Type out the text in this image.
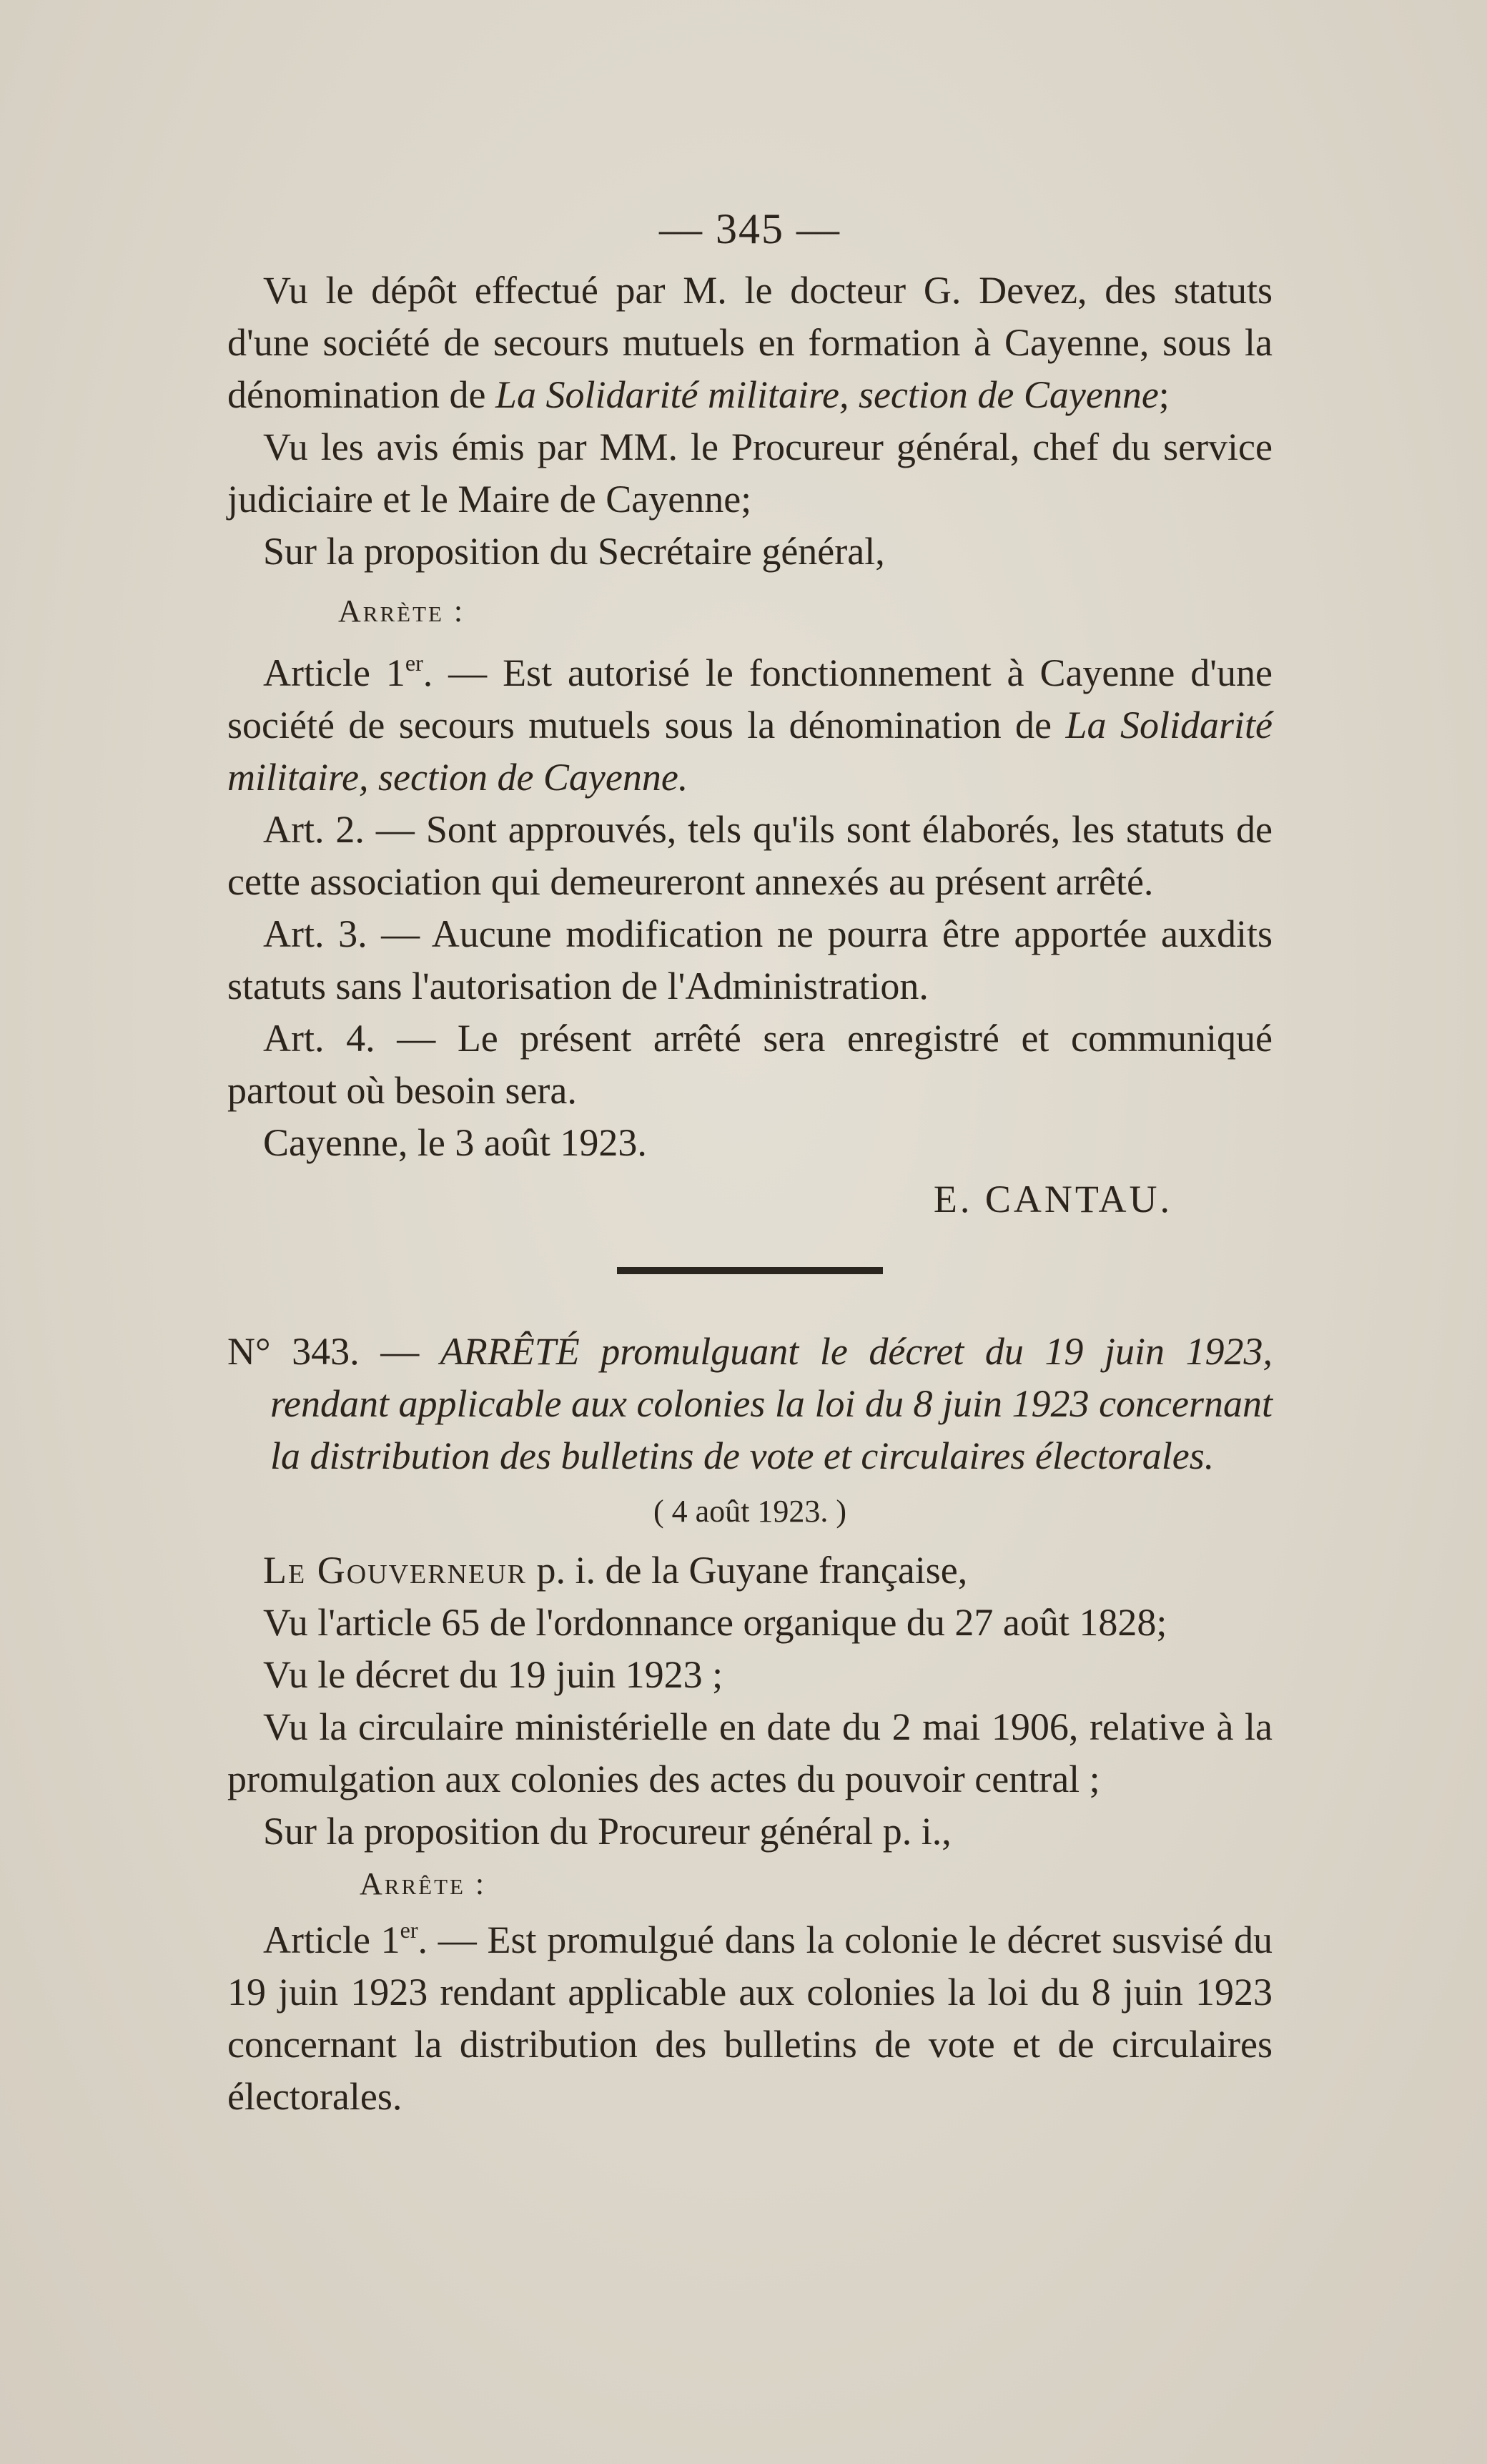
— 345 —

Vu le dépôt effectué par M. le docteur G. Devez, des statuts d'une société de secours mutuels en formation à Cayenne, sous la dénomination de La Solidarité militaire, section de Cayenne;

Vu les avis émis par MM. le Procureur général, chef du service judiciaire et le Maire de Cayenne;

Sur la proposition du Secrétaire général,

Arrète :

Article 1er. — Est autorisé le fonctionnement à Cayenne d'une société de secours mutuels sous la dénomination de La Solidarité militaire, section de Cayenne.

Art. 2. — Sont approuvés, tels qu'ils sont élaborés, les statuts de cette association qui demeureront annexés au présent arrêté.

Art. 3. — Aucune modification ne pourra être apportée auxdits statuts sans l'autorisation de l'Administration.

Art. 4. — Le présent arrêté sera enregistré et communiqué partout où besoin sera.

Cayenne, le 3 août 1923.

E. CANTAU.

N° 343. — ARRÊTÉ promulguant le décret du 19 juin 1923, rendant applicable aux colonies la loi du 8 juin 1923 concernant la distribution des bulletins de vote et circulaires électorales.

( 4 août 1923. )

Le Gouverneur p. i. de la Guyane française,

Vu l'article 65 de l'ordonnance organique du 27 août 1828;

Vu le décret du 19 juin 1923 ;

Vu la circulaire ministérielle en date du 2 mai 1906, relative à la promulgation aux colonies des actes du pouvoir central ;

Sur la proposition du Procureur général p. i.,

Arrête :

Article 1er. — Est promulgué dans la colonie le décret susvisé du 19 juin 1923 rendant applicable aux colonies la loi du 8 juin 1923 concernant la distribution des bulletins de vote et de circulaires électorales.
